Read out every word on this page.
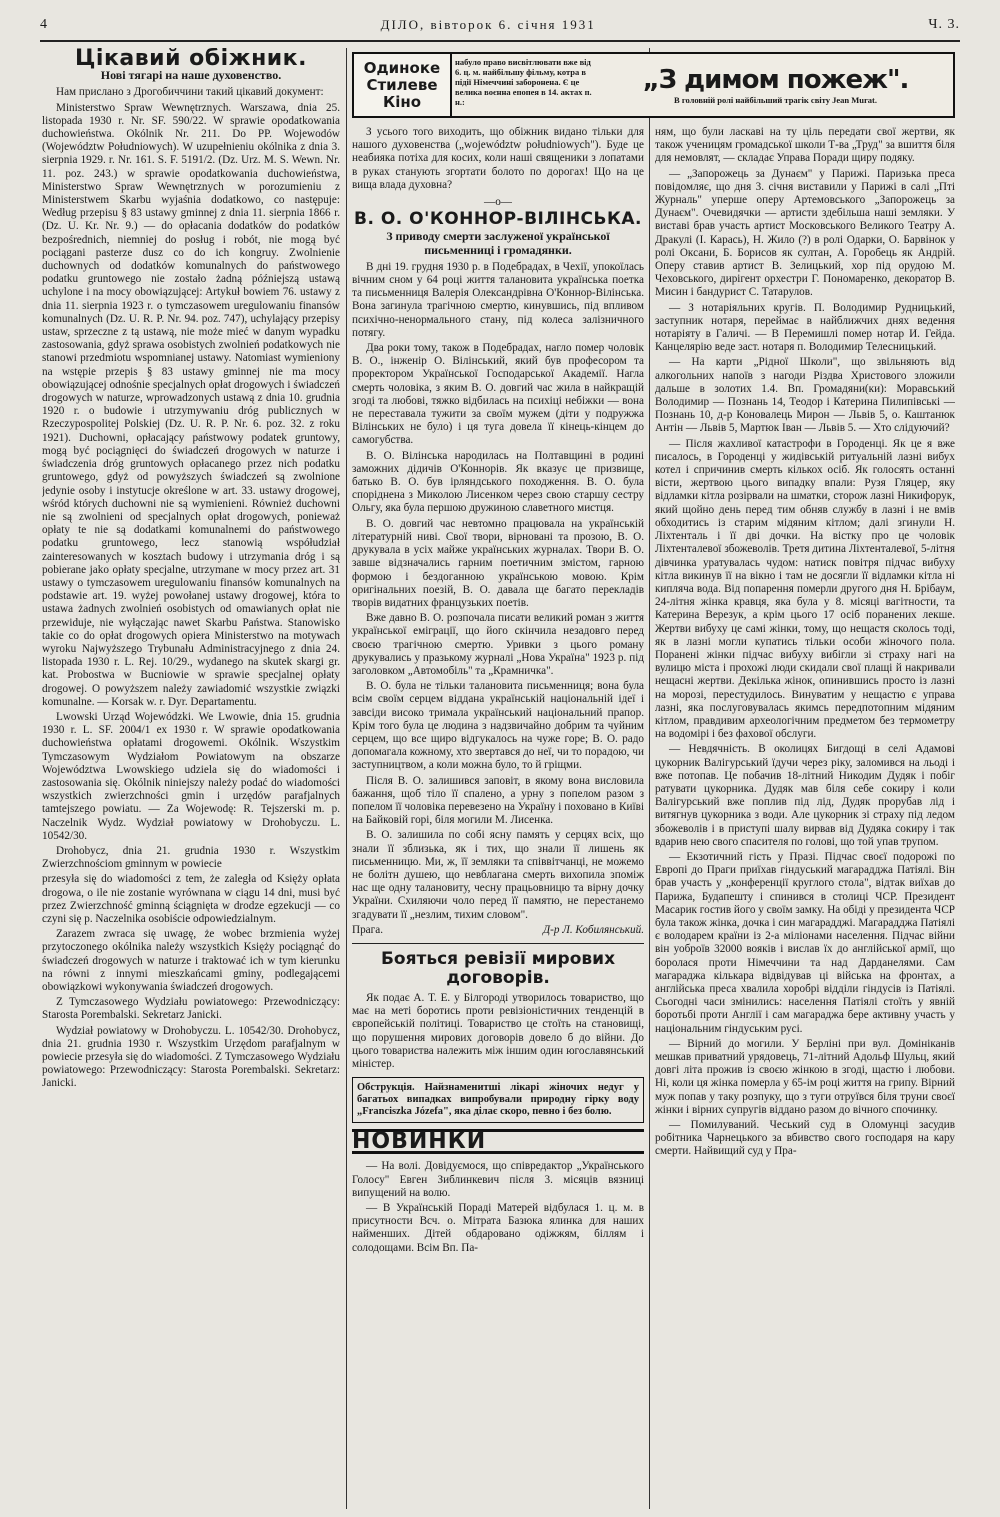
4	ДІЛО, вівторок 6. січня 1931	Ч. 3.
Цікавий обіжник.
Нові тягарі на наше духовенство.

Нам прислано з Дрогобиччини такий цікавий документ:

Ministerstwo Spraw Wewnętrznych. Warszawa, dnia 25. listopada 1930 r. Nr. SF. 590/22. W sprawie opodatkowania duchowieństwa. Okólnik Nr. 211. Do PP. Wojewodów (Województw Południowych). W uzupełnieniu okólnika z dnia 3. sierpnia 1929. r. Nr. 161. S. F. 5191/2. (Dz. Urz. M. S. Wewn. Nr. 11. poz. 243.) w sprawie opodatkowania duchowieństwa, Ministerstwo Spraw Wewnętrznych w porozumieniu z Ministerstwem Skarbu wyjaśnia dodatkowo, co następuje: Według przepisu § 83 ustawy gminnej z dnia 11. sierpnia 1866 r. (Dz. U. Kr. Nr. 9.) — do opłacania dodatków do podatków bezpośrednich, niemniej do posług i robót, nie mogą być pociągani pasterze dusz co do ich kongruy. Zwolnienie duchownych od dodatków komunalnych do państwowego podatku gruntowego nie zostało żadną późniejszą ustawą uchylone i na mocy obowiązującej: Artykuł bowiem 76. ustawy z dnia 11. sierpnia 1923 r. o tymczasowem uregulowaniu finansów komunalnych (Dz. U. R. P. Nr. 94. poz. 747), uchylający przepisy ustaw, sprzeczne z tą ustawą, nie może mieć w danym wypadku zastosowania, gdyż sprawa osobistych zwolnień podatkowych nie stanowi przedmiotu wspomnianej ustawy. Natomiast wymieniony na wstępie przepis § 83 ustawy gminnej nie ma mocy obowiązującej odnośnie specjalnych opłat drogowych i świadczeń drogowych w naturze, wprowadzonych ustawą z dnia 10. grudnia 1920 r. o budowie i utrzymywaniu dróg publicznych w Rzeczypospolitej Polskiej (Dz. U. R. P. Nr. 6. poz. 32. z roku 1921). Duchowni, opłacający państwowy podatek gruntowy, mogą być pociągnięci do świadczeń drogowych w naturze i świadczenia dróg gruntowych opłacanego przez nich podatku gruntowego, gdyż od powyższych świadczeń są zwolnione jedynie osoby i instytucje określone w art. 33. ustawy drogowej, wśród których duchowni nie są wymienieni. Również duchowni nie są zwolnieni od specjalnych opłat drogowych, ponieważ opłaty te nie są dodatkami komunalnemi do państwowego podatku gruntowego, lecz stanowią współudział zainteresowanych w kosztach budowy i utrzymania dróg i są pobierane jako opłaty specjalne, utrzymane w mocy przez art. 31 ustawy o tymczasowem uregulowaniu finansów komunalnych na podstawie art. 19. wyżej powołanej ustawy drogowej, która to ustawa żadnych zwolnień osobistych od omawianych opłat nie przewiduje, nie wyłączając nawet Skarbu Państwa. Stanowisko takie co do opłat drogowych opiera Ministerstwo na motywach wyroku Najwyższego Trybunału Administracyjnego z dnia 24. listopada 1930 r. L. Rej. 10/29., wydanego na skutek skargi gr. kat. Probostwa w Bucniowie w sprawie specjalnej opłaty drogowej. O powyższem należy zawiadomić wszystkie związki komunalne. — Korsak w. r. Dyr. Departamentu.

Lwowski Urząd Wojewódzki. We Lwowie, dnia 15. grudnia 1930 r. L. SF. 2004/1 ex 1930 r. W sprawie opodatkowania duchowieństwa opłatami drogowemi. Okólnik. Wszystkim Tymczasowym Wydziałom Powiatowym na obszarze Województwa Lwowskiego udziela się do wiadomości i zastosowania się. Okólnik niniejszy należy podać do wiadomości wszystkich zwierzchności gmin i urzędów parafjalnych tamtejszego powiatu. — Za Wojewodę: R. Tejszerski m. p. Naczelnik Wydz. Wydział powiatowy w Drohobyczu. L. 10542/30.

Drohobycz, dnia 21. grudnia 1930 r. Wszystkim Zwierzchnościom gminnym w powiecie

przesyła się do wiadomości z tem, że zaległa od Księży opłata drogowa, o ile nie zostanie wyrównana w ciągu 14 dni, musi być przez Zwierzchność gminną ściągnięta w drodze egzekucji — co czyni się p. Naczelnika osobiście odpowiedzialnym.

Zarazem zwraca się uwagę, że wobec brzmienia wyżej przytoczonego okólnika należy wszystkich Księży pociągnąć do świadczeń drogowych w naturze i traktować ich w tym kierunku na równi z innymi mieszkańcami gminy, podlegającemi obowiązkowi wykonywania świadczeń drogowych.

Z Tymczasowego Wydziału powiatowego: Przewodniczący: Starosta Porembalski. Sekretarz Janicki.

Wydział powiatowy w Drohobyczu. L. 10542/30. Drohobycz, dnia 21. grudnia 1930 r. Wszystkim Urzędom parafjalnym w powiecie przesyła się do wiadomości. Z Tymczasowego Wydziału powiatowego: Przewodniczący: Starosta Porembalski. Sekretarz: Janicki.

Одиноке
Стилеве
Кіно
набуло право висвітлювати вже від 6. ц. м. найбільшу фільму, котра в підії Німеччині заборонена. Є це велика воєнна епопея в 14. актах п. н.:
„З димом пожеж".
В головній ролі найбільший трагік світу Jean Murat.

З усього того виходить, що обіжник видано тільки для нашого духовенства („województw południowych"). Буде це неабияка потіха для косих, коли наші священики з лопатами в руках станують згортати болото по дорогах! Що на це вища влада духовна?

—о—
В. О. О'КОННОР-ВІЛІНСЬКА.
З приводу смерти заслуженої української письменниці і громадянки.

В дні 19. грудня 1930 р. в Подебрадах, в Чехії, упокоїлась вічним сном у 64 році життя талановита українська поетка та письменниця Валерія Олександрівна О'Коннор-Вілінська. Вона загинула трагічною смертю, кинувшись, під впливом психічно-ненормального стану, під колеса залізничного потягу.

Два роки тому, також в Подебрадах, нагло помер чоловік В. О., інженір О. Вілінський, який був професором та проректором Української Господарської Академії. Нагла смерть чоловіка, з яким В. О. довгий час жила в найкращій згоді та любові, тяжко відбилась на психіці небіжки — вона не переставала тужити за своїм мужем (діти у подружжа Вілінських не було) і ця туга довела її кінець-кінцем до самогубства.

В. О. Вілінська народилась на Полтавщині в родині заможних дідичів О'Коннорів. Як вказує це призвище, батько В. О. був ірляндського походження. В. О. була споріднена з Миколою Лисенком через свою старшу сестру Ольгу, яка була першою дружиною славетного мистця.

В. О. довгий час невтомно працювала на українській літературній ниві. Свої твори, вірновані та прозою, В. О. друкувала в усіх майже українських журналах. Твори В. О. завше відзначались гарним поетичним змістом, гарною формою і бездоганною українською мовою. Крім оригінальних поезій, В. О. давала ще багато перекладів творів видатних французьких поетів.

Вже давно В. О. розпочала писати великий роман з життя української еміграції, що його скінчила незадовго перед своєю трагічною смертю. Уривки з цього роману друкувались у празькому журналі „Нова Україна" 1923 р. під заголовком „Автомобіль" та „Крамничка".

В. О. була не тільки талановита письменниця; вона була всім своїм серцем віддана українській національній ідеї і завсіди високо тримала український національний прапор. Крім того була це людина з надзвичайно добрим та чуйним серцем, що все щиро відгукалось на чуже горе; В. О. радо допомагала кожному, хто звертався до неї, чи то порадою, чи заступництвом, а коли можна було, то й гріщми.

Після В. О. залишився заповіт, в якому вона висловила бажання, щоб тіло її спалено, а урну з попелом разом з попелом її чоловіка перевезено на Україну і поховано в Київі на Байковій горі, біля могили М. Лисенка.

В. О. залишила по собі ясну память у серцях всіх, що знали її зблизька, як і тих, що знали її лишень як письменницю. Ми, ж, її земляки та співвітчанці, не можемо не болітн душею, що невблагана смерть вихопила зпоміж нас ще одну талановиту, чесну працьовницю та вірну дочку України. Схиляючи чоло перед її памятю, не перестанемо згадувати її „незлим, тихим словом".

Прага.	Д-р Л. Кобилянський.
Бояться ревізії мирових договорів.

Як подає А. Т. Е. у Білгороді утворилось товариство, що має на меті боротись проти ревізіоністичних тенденцій в європейській політиці. Товариство це стоїть на становищі, що порушення мирових договорів довело б до війни. До цього товариства належить між іншим один югославянський міністер.

Обструкція. Найзнаменитші лікарі жіночих недуг у багатьох випадках випробували природну гірку воду „Franciszka Józefa", яка ділає скоро, певно і без болю.
НОВИНКИ

— На волі. Довідуємося, що співредактор „Українського Голосу" Евген Зиблинкевич після 3. місяців вязниці випущений на волю.

— В Українській Пораді Матерей відбулася 1. ц. м. в присутности Всч. о. Мітрата Базюка ялинка для наших найменших. Дітей обдаровано одіжжям, біллям і солодощами. Всім Вп. Па-

ням, що були ласкаві на ту ціль передати свої жертви, як також ученицям громадської школи Т-ва „Труд" за вшиття біля для немовлят, — складає Управа Поради щиру подяку.

— „Запорожець за Дунаєм" у Парижі. Паризька преса повідомляє, що дня 3. січня виставили у Парижі в салі „Пті Журналь" уперше оперу Артемовського „Запорожець за Дунаєм". Очевидячки — артисти здебільша наші земляки. У виставі брав участь артист Московського Великого Театру А. Дракулі (І. Карась), Н. Жило (?) в ролі Одарки, О. Барвінок у ролі Оксани, Б. Борисов як султан, А. Горобець як Андрій. Оперу ставив артист В. Зелицький, хор під орудою М. Чеховського, дирігент орхестри Г. Пономаренко, декоратор В. Мисин і бандурист С. Татарулов.

— З нотаріяльних кругів. П. Володимир Рудницький, заступник нотаря, переймає в найближчих днях ведення нотаріяту в Галичі. — В Перемишлі помер нотар И. Гейда. Канцелярію веде заст. нотаря п. Володимир Телесницький.

— На карти „Рідної Школи", що звільняють від алкогольних напоїв з нагоди Різдва Христового зложили дальше в золотих 1.4. Вп. Громадяни(ки): Моравський Володимир — Познань 14, Теодор і Катерина Пилипівські — Познань 10, д-р Коновалець Мирон — Львів 5, о. Каштанюк Антін — Львів 5, Мартюк Іван — Львів 5. — Хто слідуючий?

— Після жахливої катастрофи в Городенці. Як це я вже писалось, в Городенці у жидівській ритуальній лазні вибух котел і спричинив смерть кількох осіб. Як голосять останні вісти, жертвою цього випадку впали: Рузя Гляцер, яку відламки кітла розірвали на шматки, сторож лазні Никифорук, який щойно день перед тим обняв службу в лазні і не вмів обходитись із старим мідяним кітлом; далі згинули Н. Ліхтенталь і її дві дочки. На вістку про це чоловік Ліхтенталевої збожеволів. Третя дитина Ліхтенталевої, 5-літня дівчинка уратувалась чудом: натиск повітря підчас вибуху кітла викинув її на вікно і там не досягли її відламки кітла ні кипляча вода. Від попарення померли другого дня Н. Брібаум, 24-літня жінка кравця, яка була у 8. місяці вагітности, та Катерина Верезук, а крім цього 17 осіб поранених лекше. Жертви вибуху це самі жінки, тому, що нещастя сколось тоді, як в лазні могли купатись тільки особи жіночого пола. Поранені жінки підчас вибуху вибігли зі страху нагі на вулицю міста і прохожі люди скидали свої плащі й накривали нещасні жертви. Декілька жінок, опинившись просто із лазні на морозі, перестудилось. Винуватим у нещастю є управа лазні, яка послуговувалась якимсь передпотопним мідяним кітлом, правдивим археологічним предметом без термометру на водомірі і без фахової обслуги.

— Невдячність. В околицях Бигдощі в селі Адамові цукорник Валігурський їдучи через ріку, заломився на льоді і вже потопав. Це побачив 18-літний Никодим Дудяк і побіг ратувати цукорника. Дудяк мав біля себе сокиру і коли Валігурський вже поплив під лід, Дудяк прорубав лід і витягнув цукорника з води. Але цукорник зі страху під ледом збожеволів і в приступі шалу вирвав від Дудяка сокиру і так вдарив нею свого спасителя по голові, що той упав трупом.

— Екзотичний гість у Празі. Підчас своєї подорожі по Европі до Праги приїхав гіндуський магарадджа Патіялі. Він брав участь у „конференції круглого стола", відтак виїхав до Парижа, Будапешту і спинився в столиці ЧСР. Президент Масарик гостив його у своїм замку. На обіді у президента ЧСР була також жінка, дочка і син магарадджі. Магарадджа Патіялі є володарем країни із 2-а міліонами населення. Підчас війни він уоброїв 32000 вояків і вислав їх до англійської армії, що боролася проти Німеччини та над Дарданелями. Сам магараджа кількара відвідував ці війська на фронтах, а англійська преса хвалила хоробрі відділи гіндусів із Патіялі. Сьогодні часи змінились: населення Патіялі стоїть у явній боротьбі проти Англії і сам магараджа бере активну участь у національним гіндуським русі.

— Вірний до могили. У Берліні при вул. Домініканів мешкав приватний урядовець, 71-літний Адольф Шульц, який довгі літа прожив із своєю жінкою в згоді, щастю і любови. Ні, коли ця жінка померла у 65-ім році життя на грипу. Вірний муж попав у таку розпуку, що з туги отруївся біля труни своєї жінки і вірних супругів віддано разом до вічного спочинку.

— Помилуваний. Чеський суд в Оломунці засудив робітника Чарнецького за вбивство свого господаря на кару смерти. Найвищий суд у Пра-
